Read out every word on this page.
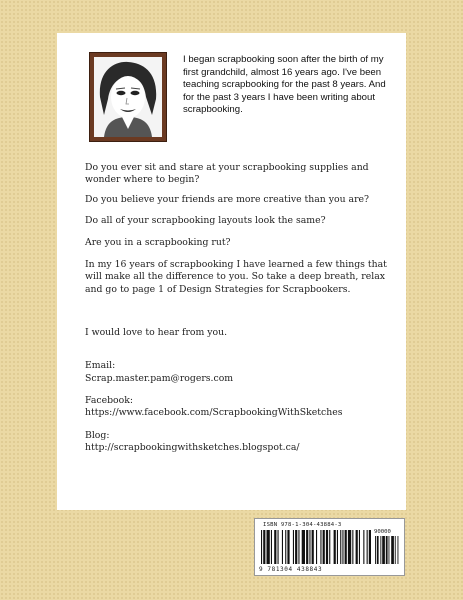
I began scrapbooking soon after the birth of my first grandchild, almost 16 years ago. I've been teaching scrapbooking for the past 8 years. And for the past 3 years I have been writing about scrapbooking.

Do you ever sit and stare at your scrapbooking supplies and wonder where to begin?

Do you believe your friends are more creative than you are?

Do all of your scrapbooking layouts look the same?

Are you in a scrapbooking rut?

In my 16 years of scrapbooking I have learned a few things that will make all the difference to you. So take a deep breath, relax and go to page 1 of Design Strategies for Scrapbookers.

I would love to hear from you.

Email:

Scrap.master.pam@rogers.com

Facebook:

https://www.facebook.com/ScrapbookingWithSketches

Blog:

http://scrapbookingwithsketches.blogspot.ca/

ISBN 978-1-304-43884-3
90000
9 781304 438843
